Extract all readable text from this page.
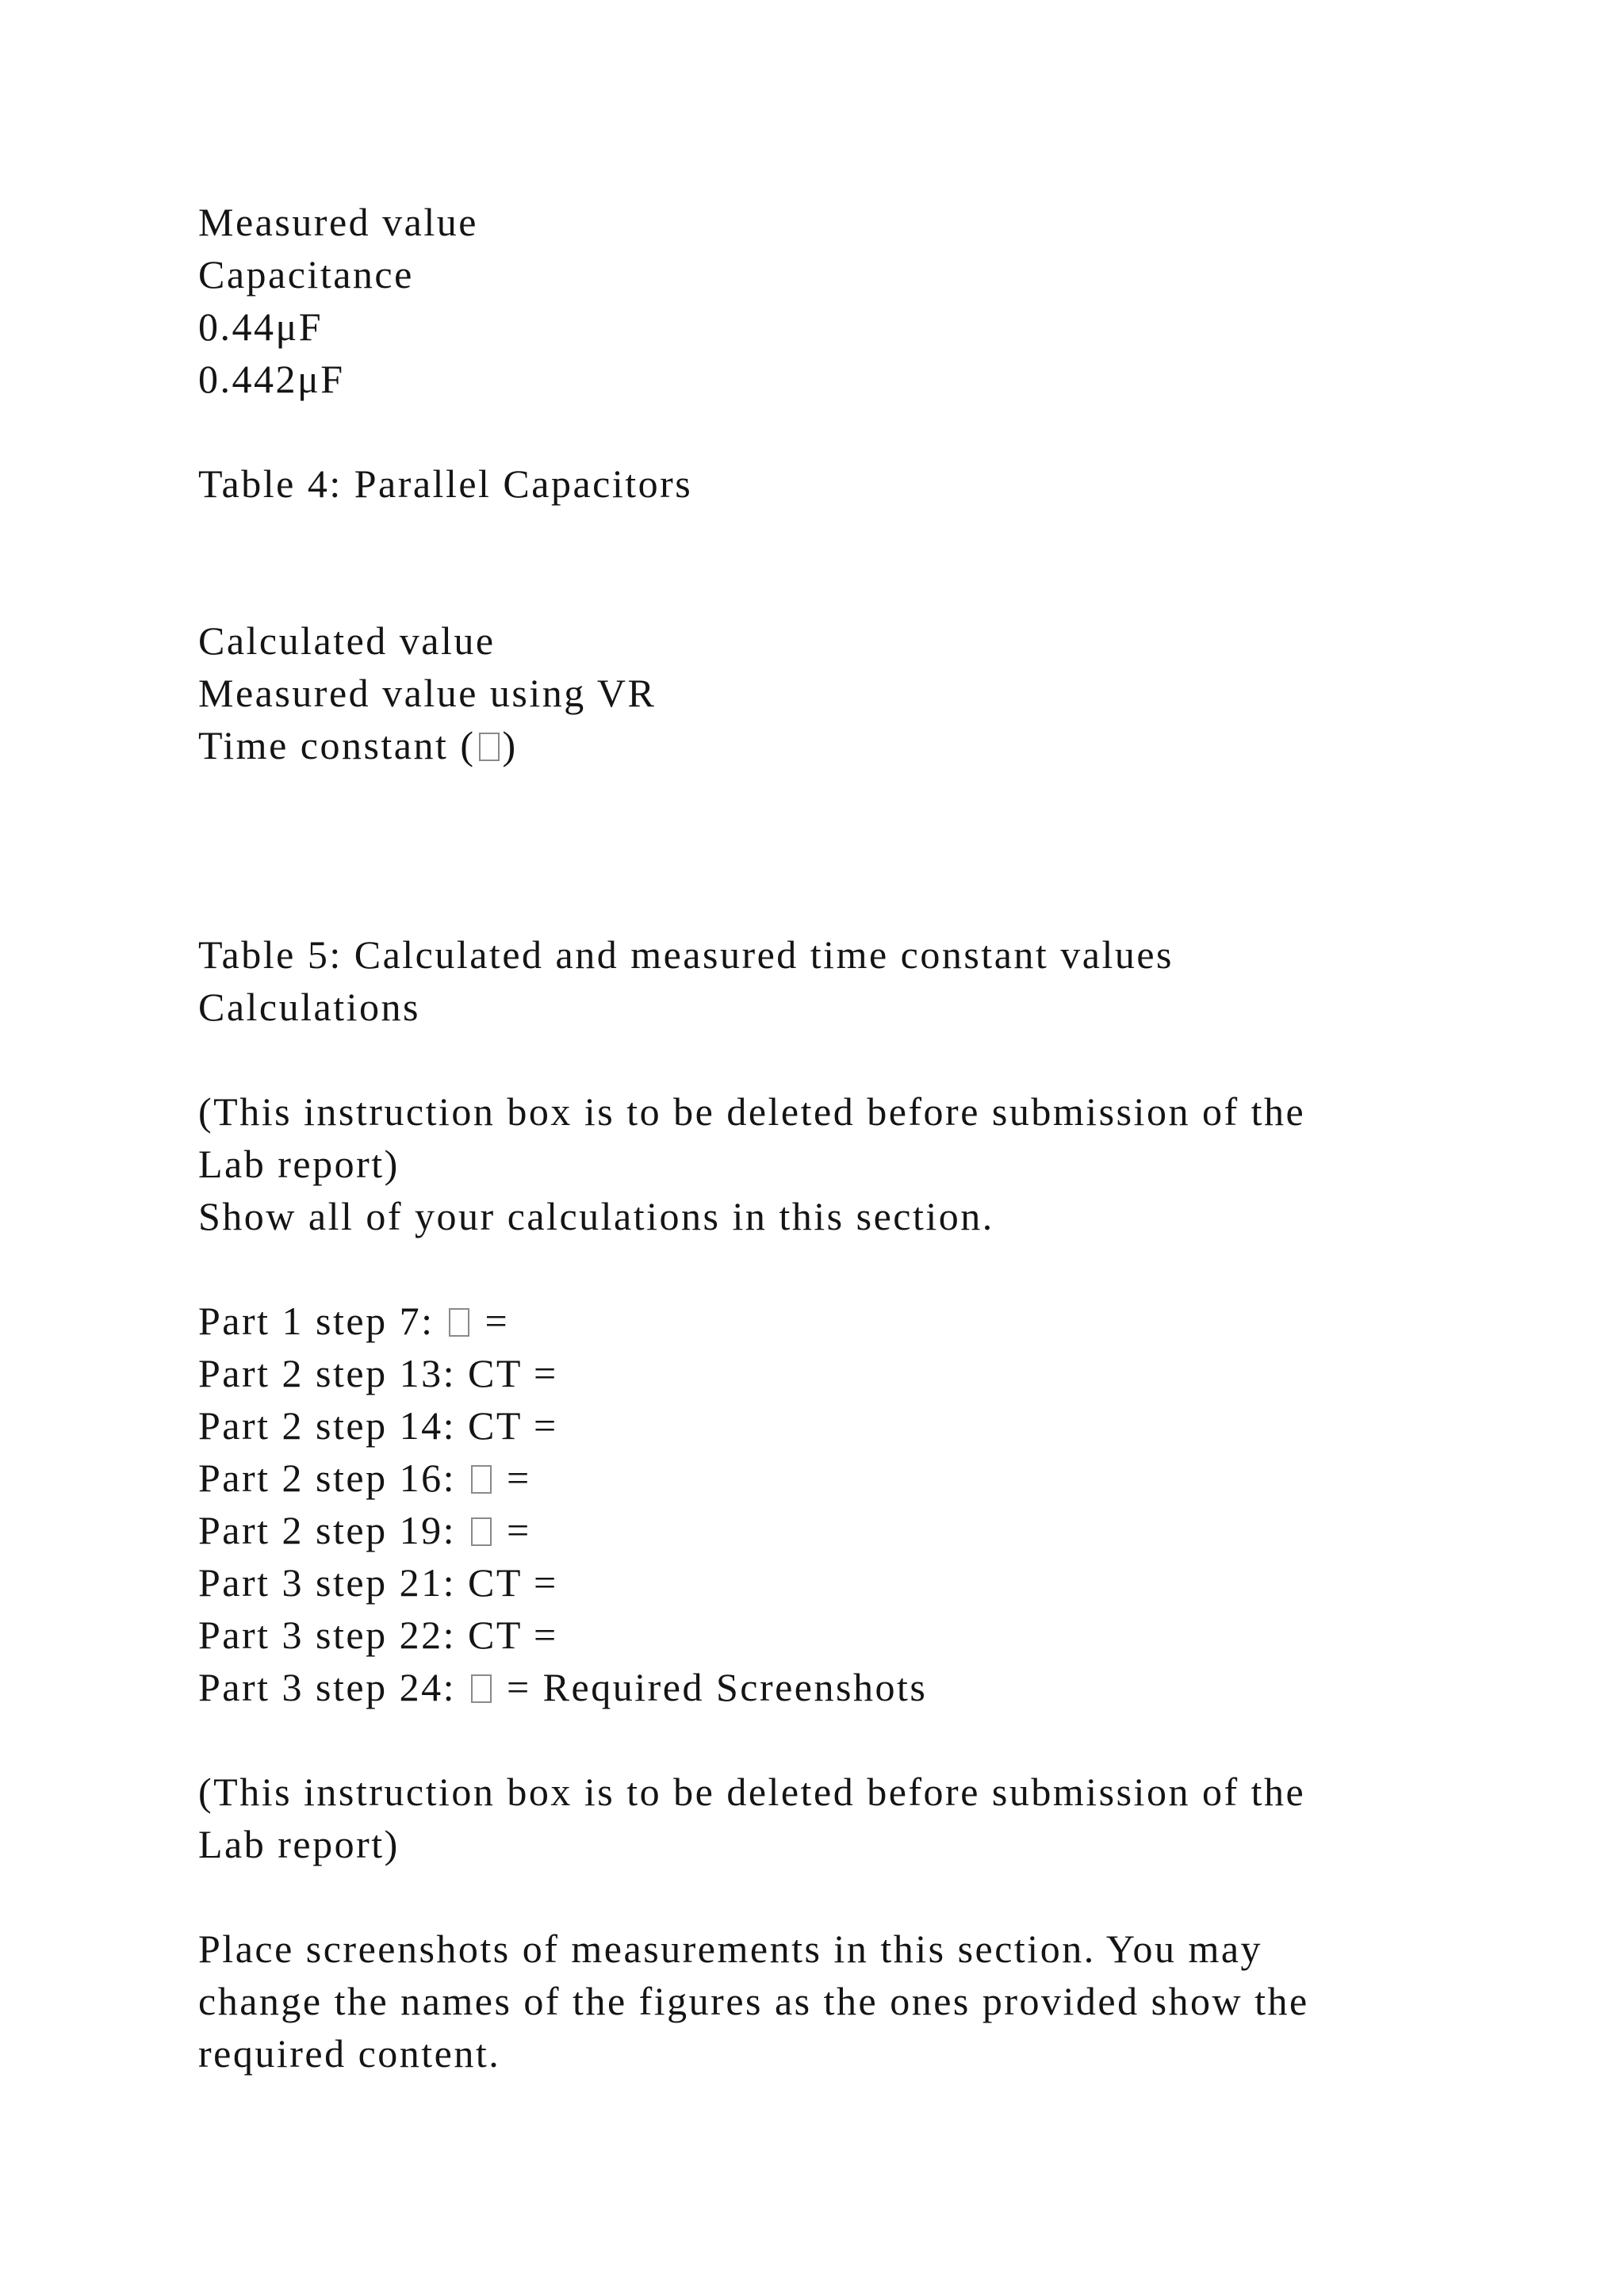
Measured value

Capacitance

0.44μF

0.442μF

Table 4: Parallel Capacitors

Calculated value

Measured value using VR

Time constant ( )

Table 5: Calculated and measured time constant values

Calculations

(This instruction box is to be deleted before submission of the

Lab report)

Show all of your calculations in this section.

Part 1 step 7: =

Part 2 step 13: CT =

Part 2 step 14: CT =

Part 2 step 16: =

Part 2 step 19: =

Part 3 step 21: CT =

Part 3 step 22: CT =

Part 3 step 24: = Required Screenshots

(This instruction box is to be deleted before submission of the

Lab report)

Place screenshots of measurements in this section. You may

change the names of the figures as the ones provided show the

required content.
